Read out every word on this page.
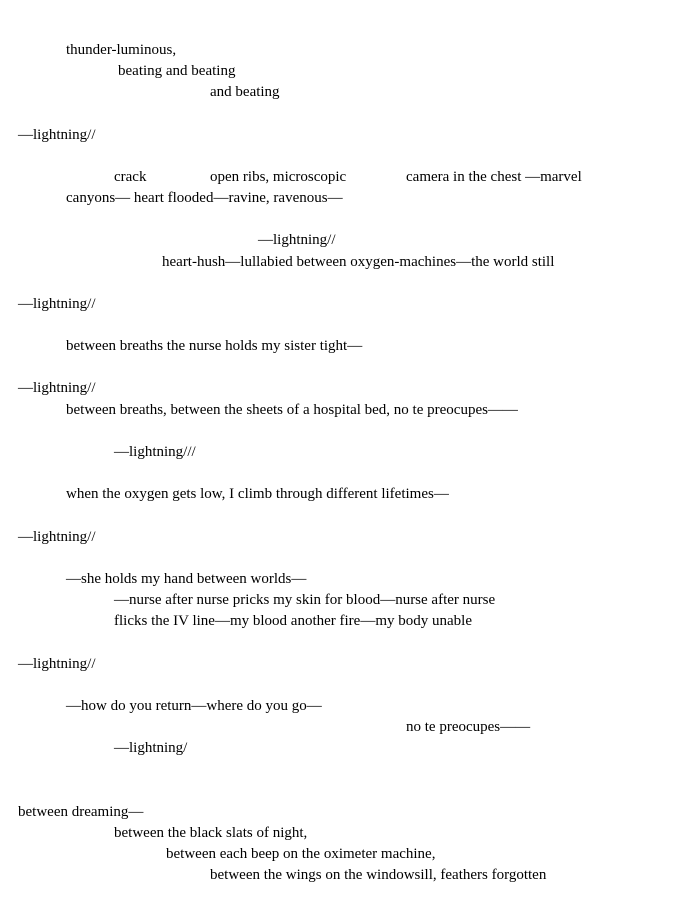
thunder-luminous,
beating and beating
and beating
—lightning//
crack	open ribs, microscopic	camera in the chest —marvel
canyons— heart flooded—ravine, ravenous—
—lightning//
heart-hush—lullabied between oxygen-machines—the world still
—lightning//
between breaths the nurse holds my sister tight—
—lightning//
between breaths, between the sheets of a hospital bed, no te preocupes——
—lightning///
when the oxygen gets low, I climb through different lifetimes—
—lightning//
—she holds my hand between worlds—
—nurse after nurse pricks my skin for blood—nurse after nurse
flicks the IV line—my blood another fire—my body unable
—lightning//
—how do you return—where do you go—
no te preocupes——
—lightning/
between dreaming—
between the black slats of night,
between each beep on the oximeter machine,
between the wings on the windowsill, feathers forgotten
